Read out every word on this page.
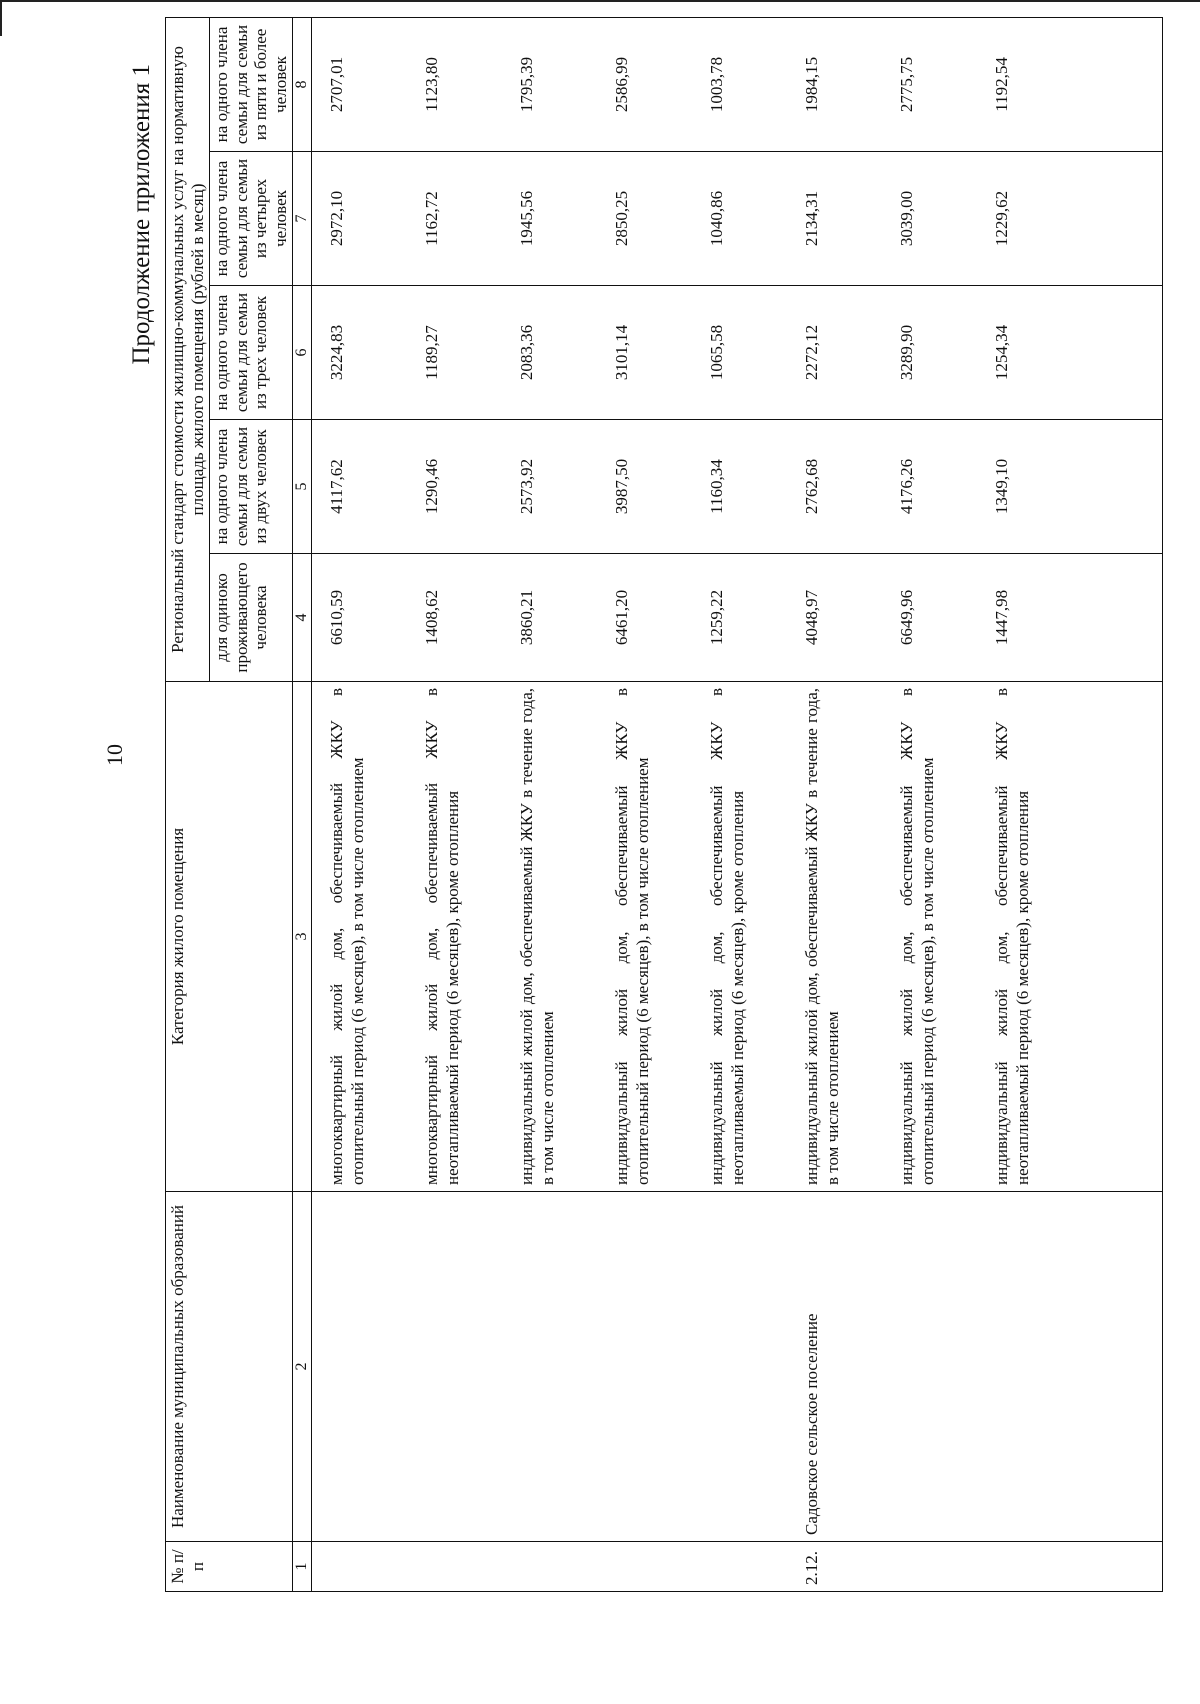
10
Продолжение приложения 1
№ п/п	Наименование муниципальных образований	Категория жилого помещения	Региональный стандарт стоимости жилищно-коммунальных услуг на нормативную площадь жилого помещения (рублей в месяц)				
			для одиноко проживающего человека	на одного члена семьи для семьи из двух человек	на одного члена семьи для семьи из трех человек	на одного члена семьи для семьи из четырех человек	на одного члена семьи для семьи из пяти и более человек
1	2	3	4	5	6	7	8
		многоквартирный жилой дом, обеспечиваемый ЖКУ в отопительный период (6 месяцев), в том числе отоплением	6610,59	4117,62	3224,83	2972,10	2707,01
		многоквартирный жилой дом, обеспечиваемый ЖКУ в неотапливаемый период (6 месяцев), кроме отопления	1408,62	1290,46	1189,27	1162,72	1123,80
		индивидуальный жилой дом, обеспечиваемый ЖКУ в течение года, в том числе отоплением	3860,21	2573,92	2083,36	1945,56	1795,39
		индивидуальный жилой дом, обеспечиваемый ЖКУ в отопительный период (6 месяцев), в том числе отоплением	6461,20	3987,50	3101,14	2850,25	2586,99
		индивидуальный жилой дом, обеспечиваемый ЖКУ в неотапливаемый период (6 месяцев), кроме отопления	1259,22	1160,34	1065,58	1040,86	1003,78
2.12.	Садовское сельское поселение	индивидуальный жилой дом, обеспечиваемый ЖКУ в течение года, в том числе отоплением	4048,97	2762,68	2272,12	2134,31	1984,15
		индивидуальный жилой дом, обеспечиваемый ЖКУ в отопительный период (6 месяцев), в том числе отоплением	6649,96	4176,26	3289,90	3039,00	2775,75
		индивидуальный жилой дом, обеспечиваемый ЖКУ в неотапливаемый период (6 месяцев), кроме отопления	1447,98	1349,10	1254,34	1229,62	1192,54
